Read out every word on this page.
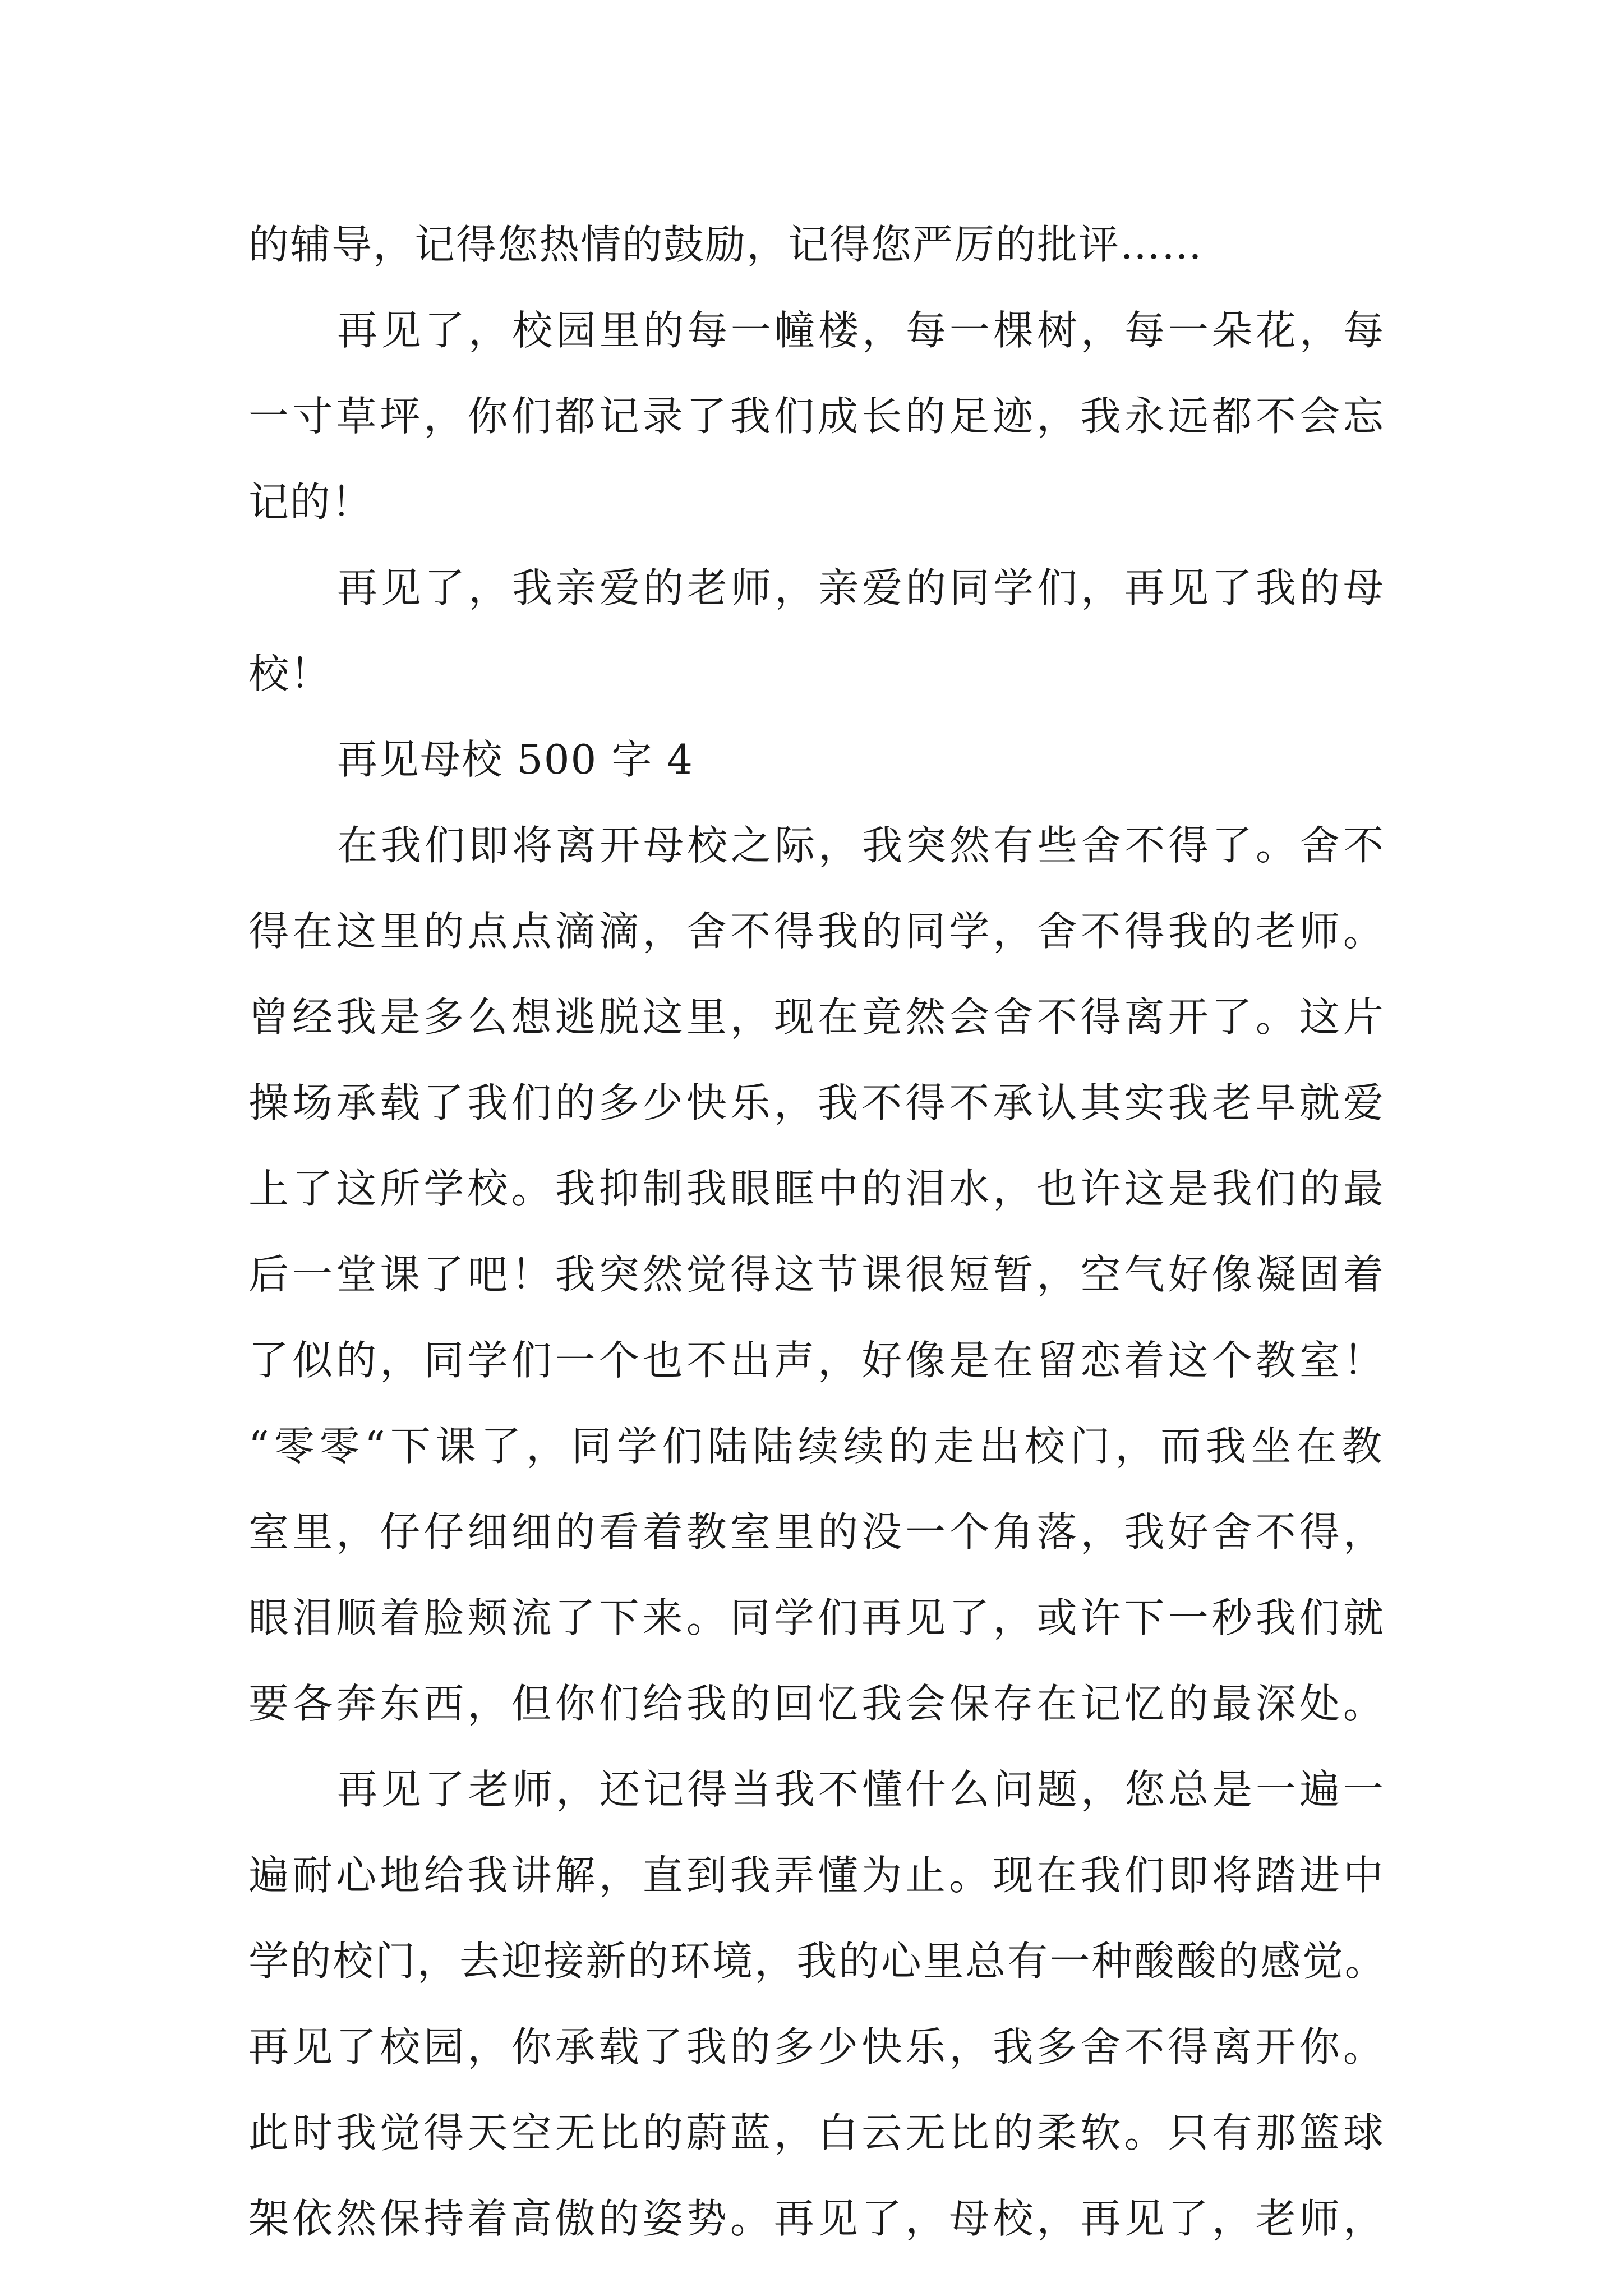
的辅导，记得您热情的鼓励，记得您严厉的批评……
再见了，校园里的每一幢楼，每一棵树，每一朵花，每
一寸草坪，你们都记录了我们成长的足迹，我永远都不会忘
记的！
再见了，我亲爱的老师，亲爱的同学们，再见了我的母
校！
再见母校 500 字 4
在我们即将离开母校之际，我突然有些舍不得了。舍不
得在这里的点点滴滴，舍不得我的同学，舍不得我的老师。
曾经我是多么想逃脱这里，现在竟然会舍不得离开了。这片
操场承载了我们的多少快乐，我不得不承认其实我老早就爱
上了这所学校。我抑制我眼眶中的泪水，也许这是我们的最
后一堂课了吧！我突然觉得这节课很短暂，空气好像凝固着
了似的，同学们一个也不出声，好像是在留恋着这个教室！
“零零“下课了，同学们陆陆续续的走出校门，而我坐在教
室里，仔仔细细的看着教室里的没一个角落，我好舍不得，
眼泪顺着脸颊流了下来。同学们再见了，或许下一秒我们就
要各奔东西，但你们给我的回忆我会保存在记忆的最深处。
再见了老师，还记得当我不懂什么问题，您总是一遍一
遍耐心地给我讲解，直到我弄懂为止。现在我们即将踏进中
学的校门，去迎接新的环境，我的心里总有一种酸酸的感觉。
再见了校园，你承载了我的多少快乐，我多舍不得离开你。
此时我觉得天空无比的蔚蓝，白云无比的柔软。只有那篮球
架依然保持着高傲的姿势。再见了，母校，再见了，老师，
